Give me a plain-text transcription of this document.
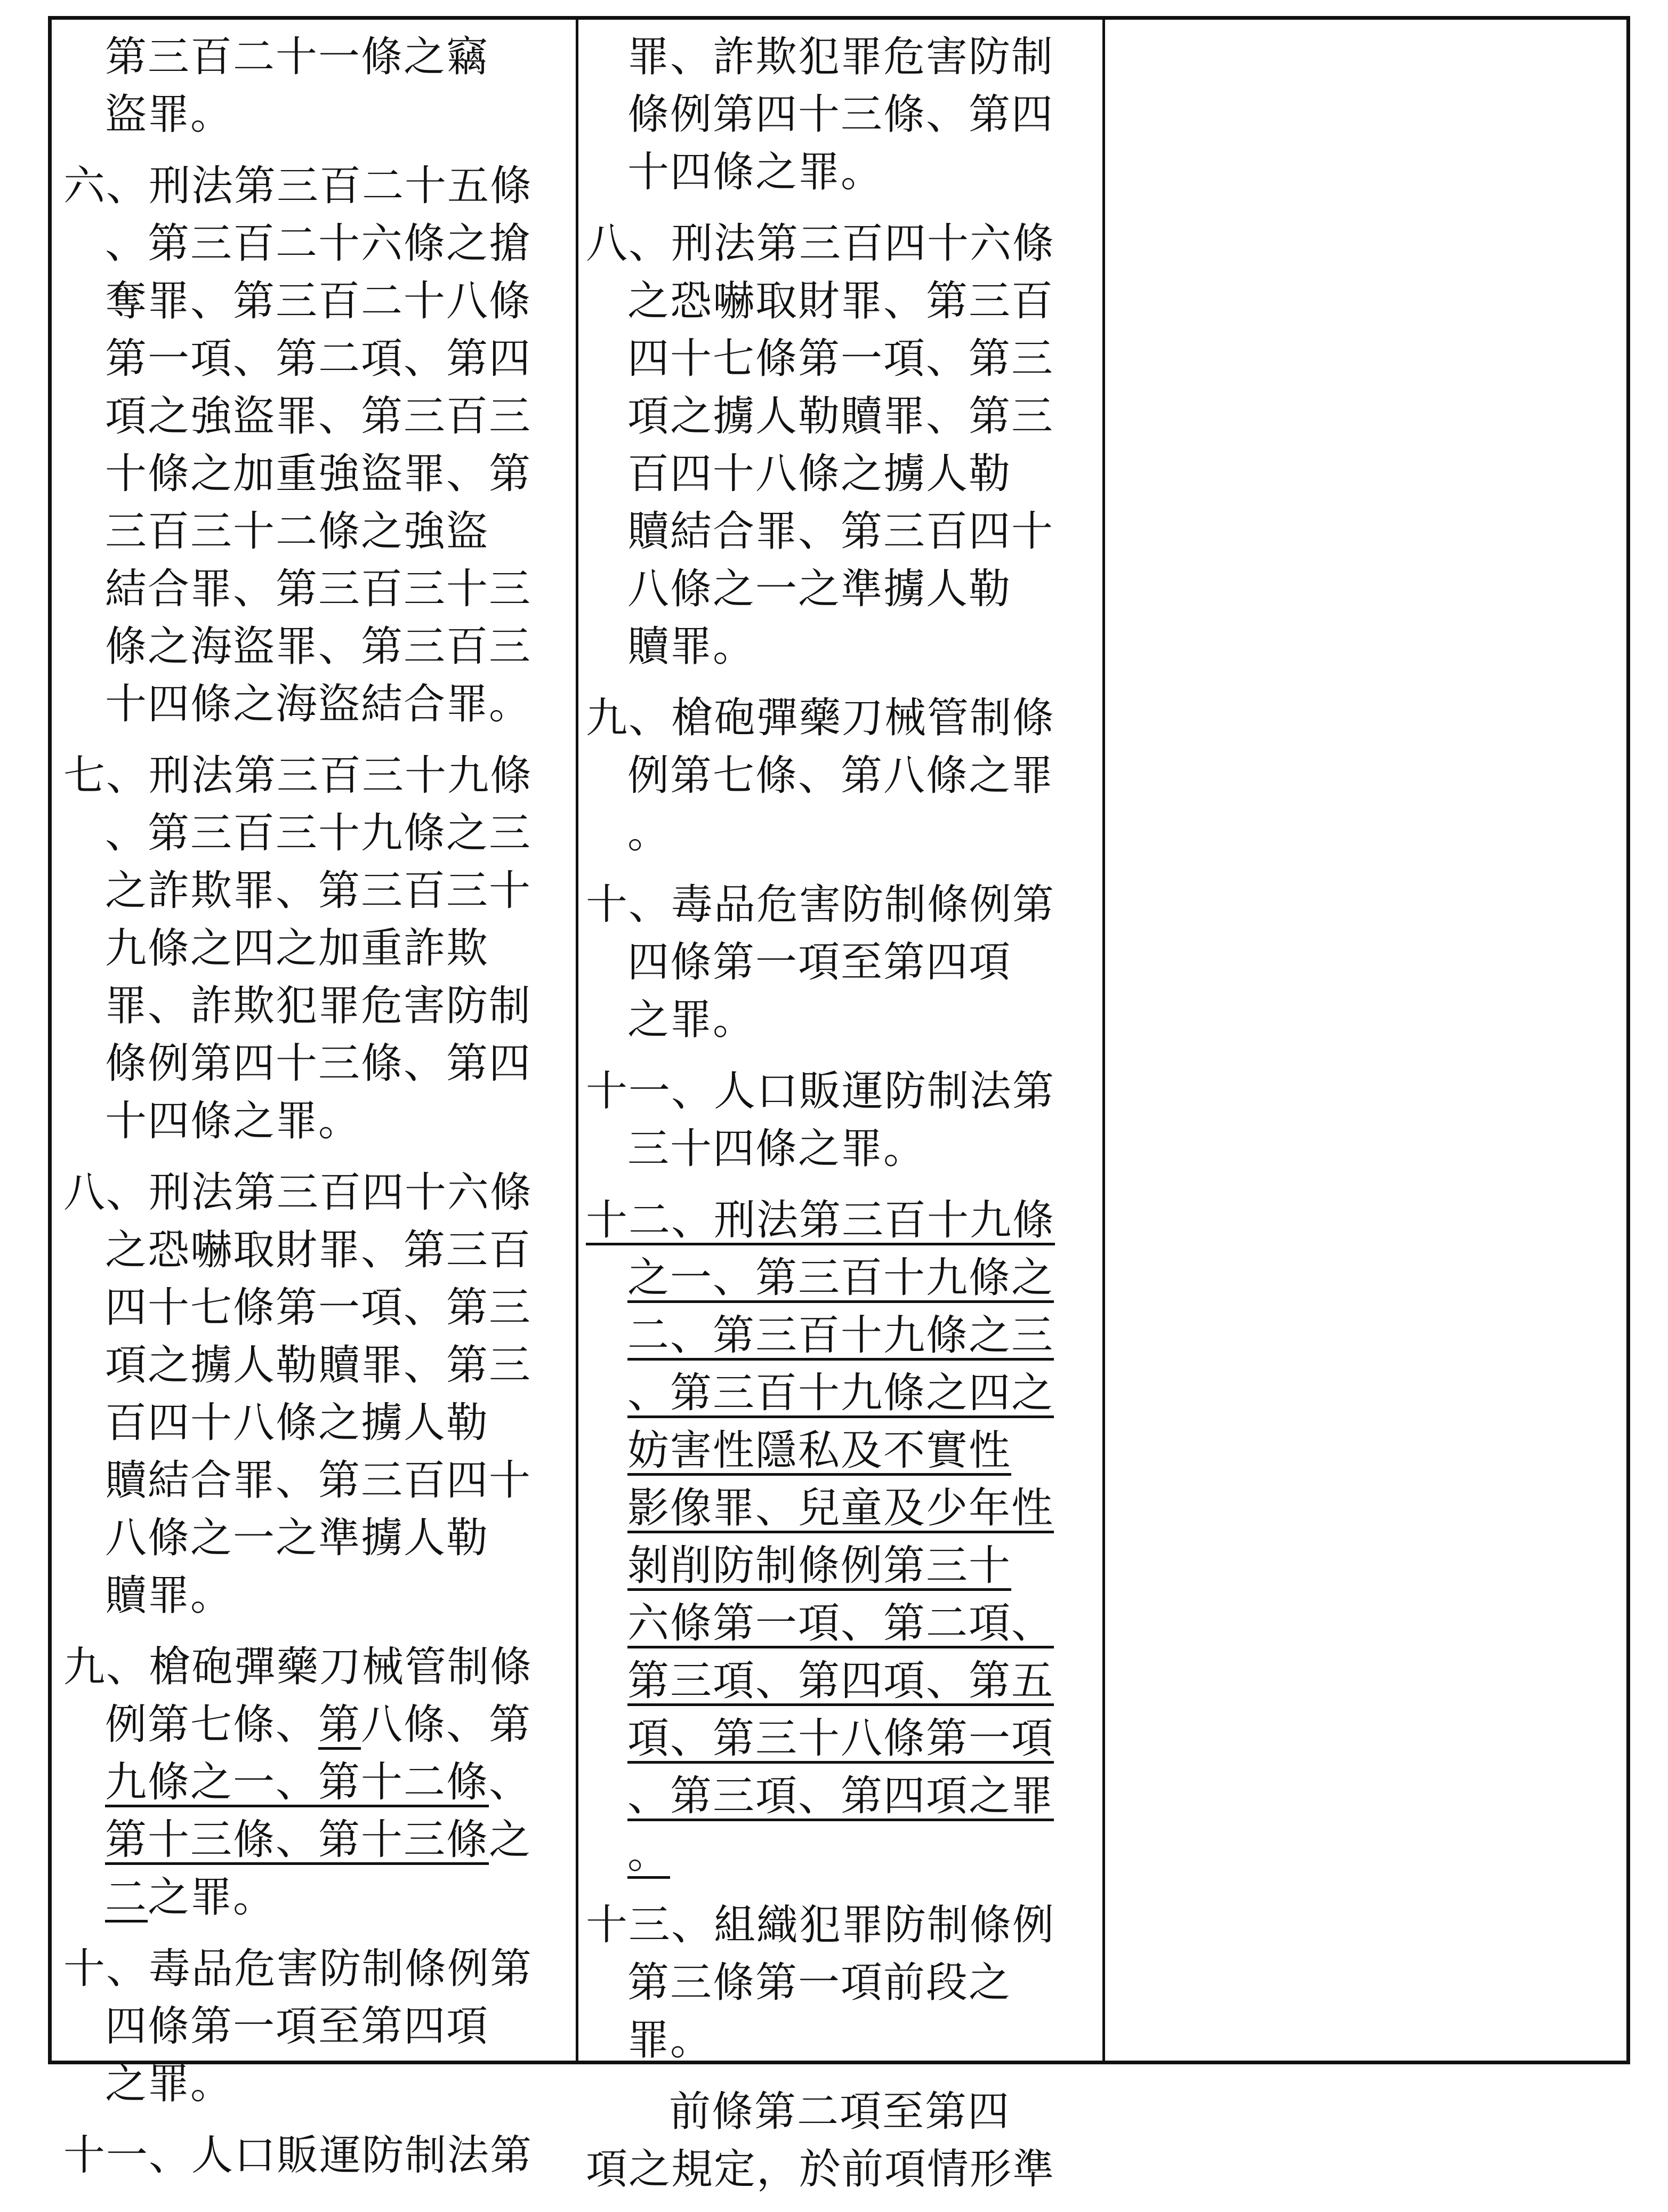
第三百二十一條之竊
盜罪。
六、刑法第三百二十五條
、第三百二十六條之搶
奪罪、第三百二十八條
第一項、第二項、第四
項之強盜罪、第三百三
十條之加重強盜罪、第
三百三十二條之強盜
結合罪、第三百三十三
條之海盜罪、第三百三
十四條之海盜結合罪。
七、刑法第三百三十九條
、第三百三十九條之三
之詐欺罪、第三百三十
九條之四之加重詐欺
罪、詐欺犯罪危害防制
條例第四十三條、第四
十四條之罪。
八、刑法第三百四十六條
之恐嚇取財罪、第三百
四十七條第一項、第三
項之擄人勒贖罪、第三
百四十八條之擄人勒
贖結合罪、第三百四十
八條之一之準擄人勒
贖罪。
九、槍砲彈藥刀械管制條
例第七條、第八條、第
九條之一、第十二條、
第十三條、第十三條之
二之罪。
十、毒品危害防制條例第
四條第一項至第四項
之罪。
十一、人口販運防制法第
罪、詐欺犯罪危害防制
條例第四十三條、第四
十四條之罪。
八、刑法第三百四十六條
之恐嚇取財罪、第三百
四十七條第一項、第三
項之擄人勒贖罪、第三
百四十八條之擄人勒
贖結合罪、第三百四十
八條之一之準擄人勒
贖罪。
九、槍砲彈藥刀械管制條
例第七條、第八條之罪
。
十、毒品危害防制條例第
四條第一項至第四項
之罪。
十一、人口販運防制法第
三十四條之罪。
十二、刑法第三百十九條
之一、第三百十九條之
二、第三百十九條之三
、第三百十九條之四之
妨害性隱私及不實性
影像罪、兒童及少年性
剝削防制條例第三十
六條第一項、第二項、
第三項、第四項、第五
項、第三十八條第一項
、第三項、第四項之罪
。
十三、組織犯罪防制條例
第三條第一項前段之
罪。
前條第二項至第四
項之規定，於前項情形準
